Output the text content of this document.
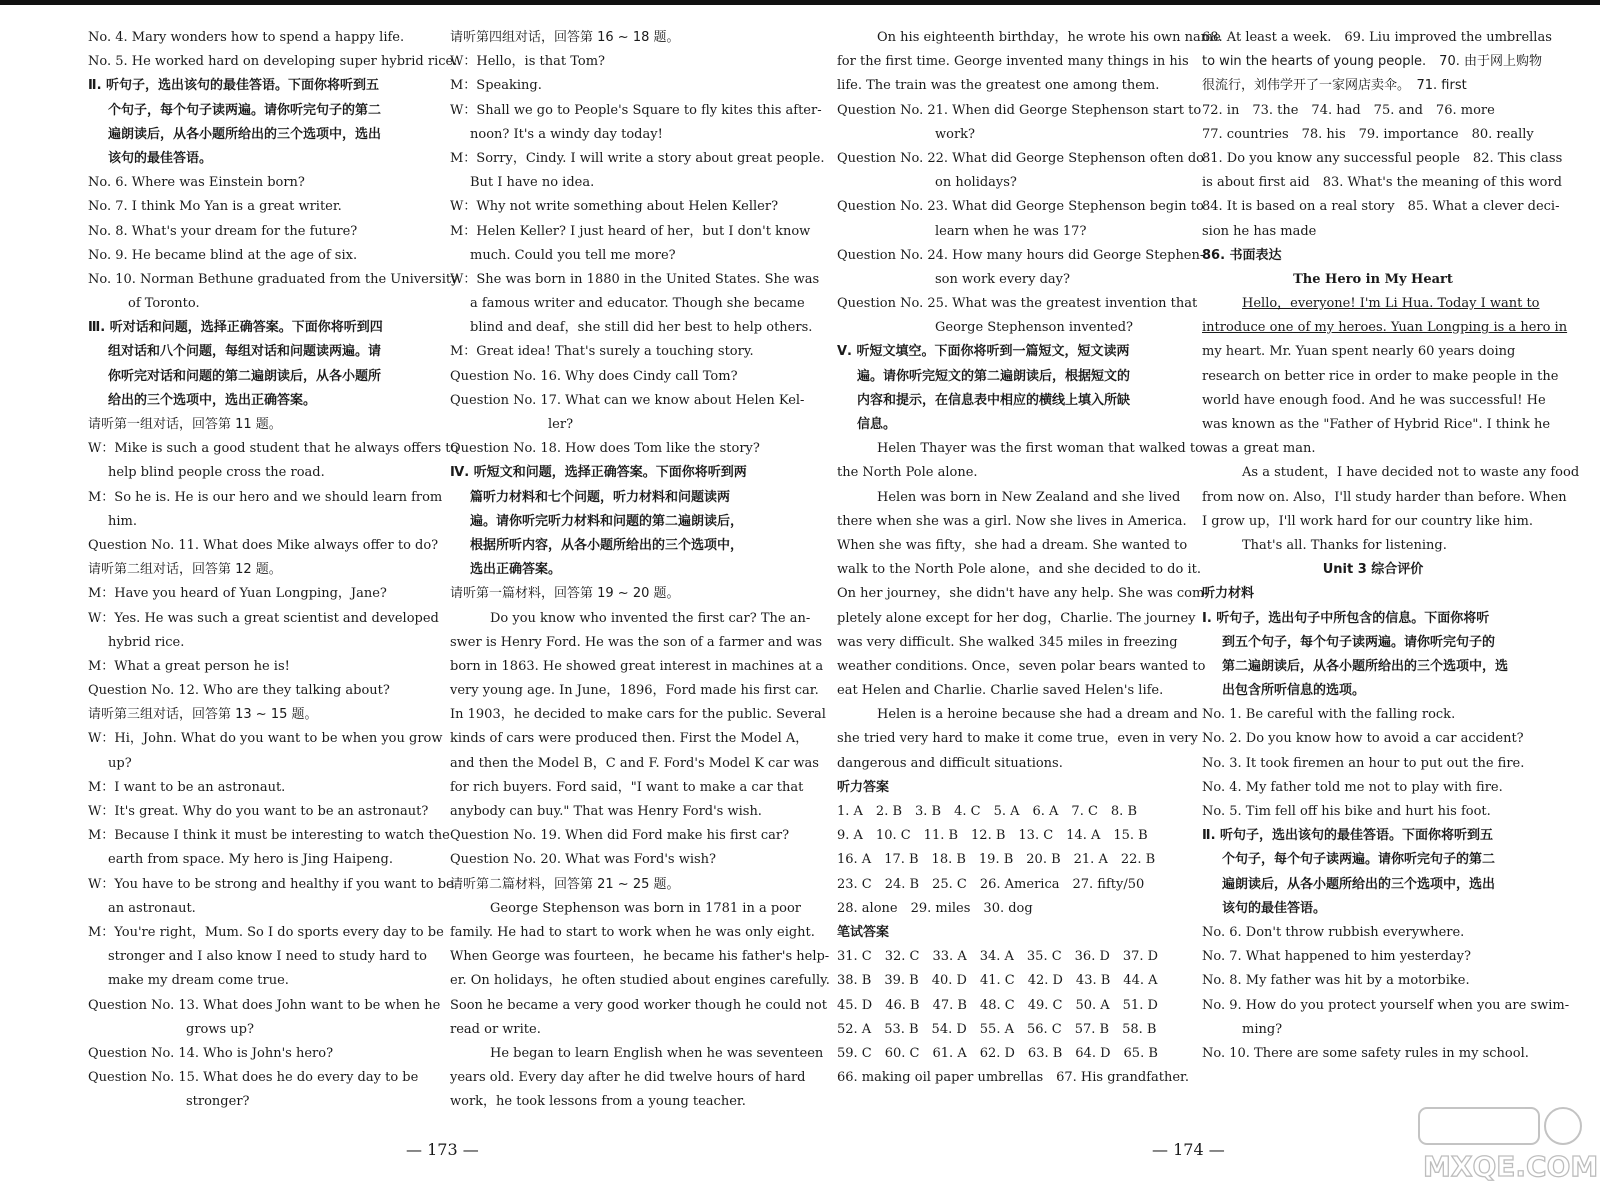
No. 4. Mary wonders how to spend a happy life.
No. 5. He worked hard on developing super hybrid rice.
Ⅱ. 听句子，选出该句的最佳答语。下面你将听到五
个句子，每个句子读两遍。请你听完句子的第二
遍朗读后，从各小题所给出的三个选项中，选出
该句的最佳答语。
No. 6. Where was Einstein born?
No. 7. I think Mo Yan is a great writer.
No. 8. What's your dream for the future?
No. 9. He became blind at the age of six.
No. 10. Norman Bethune graduated from the University
of Toronto.
Ⅲ. 听对话和问题，选择正确答案。下面你将听到四
组对话和八个问题，每组对话和问题读两遍。请
你听完对话和问题的第二遍朗读后，从各小题所
给出的三个选项中，选出正确答案。
请听第一组对话，回答第 11 题。
W：Mike is such a good student that he always offers to
help blind people cross the road.
M：So he is. He is our hero and we should learn from
him.
Question No. 11. What does Mike always offer to do?
请听第二组对话，回答第 12 题。
M：Have you heard of Yuan Longping，Jane?
W：Yes. He was such a great scientist and developed
hybrid rice.
M：What a great person he is!
Question No. 12. Who are they talking about?
请听第三组对话，回答第 13 ~ 15 题。
W：Hi，John. What do you want to be when you grow
up?
M：I want to be an astronaut.
W：It's great. Why do you want to be an astronaut?
M：Because I think it must be interesting to watch the
earth from space. My hero is Jing Haipeng.
W：You have to be strong and healthy if you want to be
an astronaut.
M：You're right，Mum. So I do sports every day to be
stronger and I also know I need to study hard to
make my dream come true.
Question No. 13. What does John want to be when he
grows up?
Question No. 14. Who is John's hero?
Question No. 15. What does he do every day to be
stronger?
请听第四组对话，回答第 16 ~ 18 题。
W：Hello，is that Tom?
M：Speaking.
W：Shall we go to People's Square to fly kites this after-
noon? It's a windy day today!
M：Sorry，Cindy. I will write a story about great people.
But I have no idea.
W：Why not write something about Helen Keller?
M：Helen Keller? I just heard of her，but I don't know
much. Could you tell me more?
W：She was born in 1880 in the United States. She was
a famous writer and educator. Though she became
blind and deaf，she still did her best to help others.
M：Great idea! That's surely a touching story.
Question No. 16. Why does Cindy call Tom?
Question No. 17. What can we know about Helen Kel-
ler?
Question No. 18. How does Tom like the story?
Ⅳ. 听短文和问题，选择正确答案。下面你将听到两
篇听力材料和七个问题，听力材料和问题读两
遍。请你听完听力材料和问题的第二遍朗读后，
根据所听内容，从各小题所给出的三个选项中，
选出正确答案。
请听第一篇材料，回答第 19 ~ 20 题。
Do you know who invented the first car? The an-
swer is Henry Ford. He was the son of a farmer and was
born in 1863. He showed great interest in machines at a
very young age. In June，1896，Ford made his first car.
In 1903，he decided to make cars for the public. Several
kinds of cars were produced then. First the Model A，
and then the Model B，C and F. Ford's Model K car was
for rich buyers. Ford said，"I want to make a car that
anybody can buy." That was Henry Ford's wish.
Question No. 19. When did Ford make his first car?
Question No. 20. What was Ford's wish?
请听第二篇材料，回答第 21 ~ 25 题。
George Stephenson was born in 1781 in a poor
family. He had to start to work when he was only eight.
When George was fourteen，he became his father's help-
er. On holidays，he often studied about engines carefully.
Soon he became a very good worker though he could not
read or write.
He began to learn English when he was seventeen
years old. Every day after he did twelve hours of hard
work，he took lessons from a young teacher.
On his eighteenth birthday，he wrote his own name
for the first time. George invented many things in his
life. The train was the greatest one among them.
Question No. 21. When did George Stephenson start to
work?
Question No. 22. What did George Stephenson often do
on holidays?
Question No. 23. What did George Stephenson begin to
learn when he was 17?
Question No. 24. How many hours did George Stephen-
son work every day?
Question No. 25. What was the greatest invention that
George Stephenson invented?
Ⅴ. 听短文填空。下面你将听到一篇短文，短文读两
遍。请你听完短文的第二遍朗读后，根据短文的
内容和提示，在信息表中相应的横线上填入所缺
信息。
Helen Thayer was the first woman that walked to
the North Pole alone.
Helen was born in New Zealand and she lived
there when she was a girl. Now she lives in America.
When she was fifty，she had a dream. She wanted to
walk to the North Pole alone，and she decided to do it.
On her journey，she didn't have any help. She was com-
pletely alone except for her dog，Charlie. The journey
was very difficult. She walked 345 miles in freezing
weather conditions. Once，seven polar bears wanted to
eat Helen and Charlie. Charlie saved Helen's life.
Helen is a heroine because she had a dream and
she tried very hard to make it come true，even in very
dangerous and difficult situations.
听力答案
1. A　2. B　3. B　4. C　5. A　6. A　7. C　8. B
9. A　10. C　11. B　12. B　13. C　14. A　15. B
16. A　17. B　18. B　19. B　20. B　21. A　22. B
23. C　24. B　25. C　26. America　27. fifty/50
28. alone　29. miles　30. dog
笔试答案
31. C　32. C　33. A　34. A　35. C　36. D　37. D
38. B　39. B　40. D　41. C　42. D　43. B　44. A
45. D　46. B　47. B　48. C　49. C　50. A　51. D
52. A　53. B　54. D　55. A　56. C　57. B　58. B
59. C　60. C　61. A　62. D　63. B　64. D　65. B
66. making oil paper umbrellas　67. His grandfather.
68. At least a week.　69. Liu improved the umbrellas
to win the hearts of young people.　70. 由于网上购物
很流行，刘伟学开了一家网店卖伞。　71. first
72. in　73. the　74. had　75. and　76. more
77. countries　78. his　79. importance　80. really
81. Do you know any successful people　82. This class
is about first aid　83. What's the meaning of this word
84. It is based on a real story　85. What a clever deci-
sion he has made
86. 书面表达
The Hero in My Heart
Hello，everyone! I'm Li Hua. Today I want to
introduce one of my heroes. Yuan Longping is a hero in
my heart. Mr. Yuan spent nearly 60 years doing
research on better rice in order to make people in the
world have enough food. And he was successful! He
was known as the "Father of Hybrid Rice". I think he
was a great man.
As a student，I have decided not to waste any food
from now on. Also，I'll study harder than before. When
I grow up，I'll work hard for our country like him.
That's all. Thanks for listening.
Unit 3 综合评价
听力材料
Ⅰ. 听句子，选出句子中所包含的信息。下面你将听
到五个句子，每个句子读两遍。请你听完句子的
第二遍朗读后，从各小题所给出的三个选项中，选
出包含所听信息的选项。
No. 1. Be careful with the falling rock.
No. 2. Do you know how to avoid a car accident?
No. 3. It took firemen an hour to put out the fire.
No. 4. My father told me not to play with fire.
No. 5. Tim fell off his bike and hurt his foot.
Ⅱ. 听句子，选出该句的最佳答语。下面你将听到五
个句子，每个句子读两遍。请你听完句子的第二
遍朗读后，从各小题所给出的三个选项中，选出
该句的最佳答语。
No. 6. Don't throw rubbish everywhere.
No. 7. What happened to him yesterday?
No. 8. My father was hit by a motorbike.
No. 9. How do you protect yourself when you are swim-
ming?
No. 10. There are some safety rules in my school.
— 173 —	— 174 —
MXQE.COM
